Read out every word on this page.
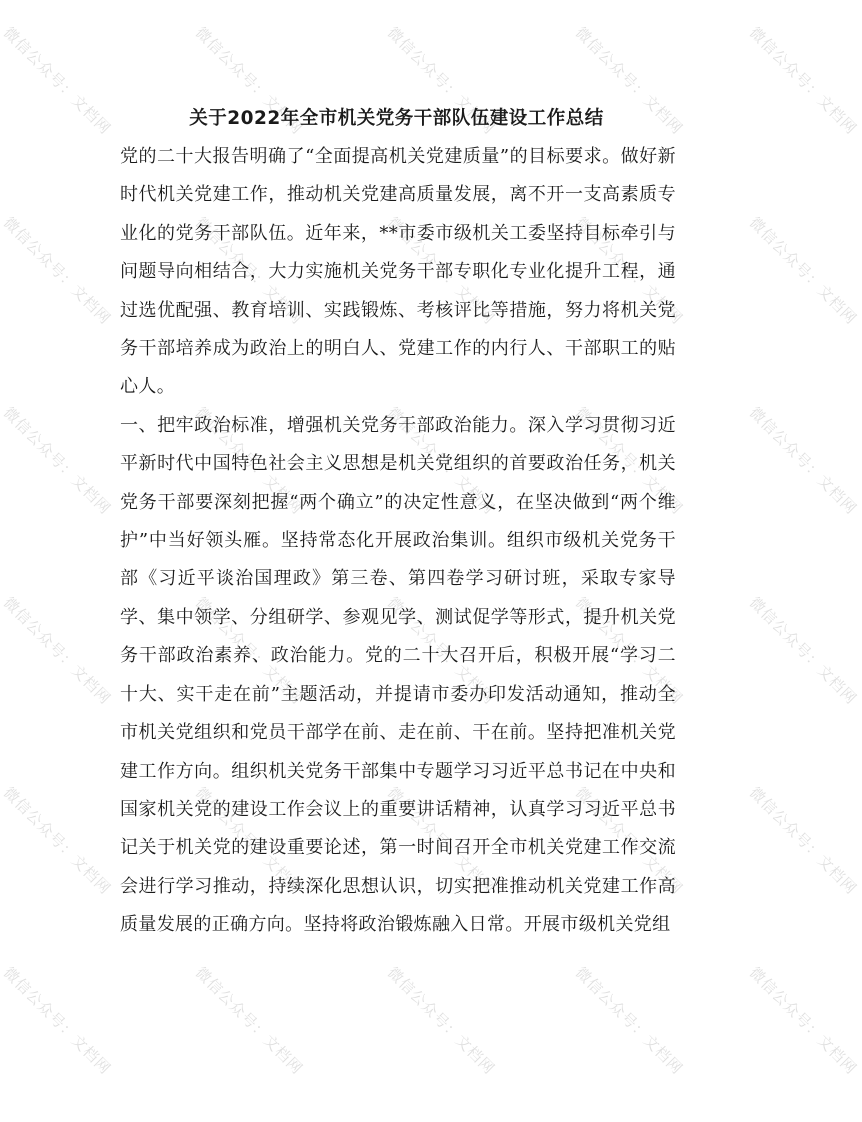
微信公众号：文档网	微信公众号：文档网	微信公众号：文档网	微信公众号：文档网	微信公众号：文档网
微信公众号：文档网	微信公众号：文档网	微信公众号：文档网	微信公众号：文档网	微信公众号：文档网
微信公众号：文档网	微信公众号：文档网	微信公众号：文档网	微信公众号：文档网	微信公众号：文档网
微信公众号：文档网	微信公众号：文档网	微信公众号：文档网	微信公众号：文档网	微信公众号：文档网
微信公众号：文档网	微信公众号：文档网	微信公众号：文档网	微信公众号：文档网	微信公众号：文档网
微信公众号：文档网	微信公众号：文档网	微信公众号：文档网	微信公众号：文档网	微信公众号：文档网
关于2022年全市机关党务干部队伍建设工作总结

党的二十大报告明确了“全面提高机关党建质量”的目标要求。做好新时代机关党建工作，推动机关党建高质量发展，离不开一支高素质专业化的党务干部队伍。近年来，**市委市级机关工委坚持目标牵引与问题导向相结合，大力实施机关党务干部专职化专业化提升工程，通过选优配强、教育培训、实践锻炼、考核评比等措施，努力将机关党务干部培养成为政治上的明白人、党建工作的内行人、干部职工的贴心人。

一、把牢政治标准，增强机关党务干部政治能力。深入学习贯彻习近平新时代中国特色社会主义思想是机关党组织的首要政治任务，机关党务干部要深刻把握“两个确立”的决定性意义，在坚决做到“两个维护”中当好领头雁。坚持常态化开展政治集训。组织市级机关党务干部《习近平谈治国理政》第三卷、第四卷学习研讨班，采取专家导学、集中领学、分组研学、参观见学、测试促学等形式，提升机关党务干部政治素养、政治能力。党的二十大召开后，积极开展“学习二十大、实干走在前”主题活动，并提请市委办印发活动通知，推动全市机关党组织和党员干部学在前、走在前、干在前。坚持把准机关党建工作方向。组织机关党务干部集中专题学习习近平总书记在中央和国家机关党的建设工作会议上的重要讲话精神，认真学习习近平总书记关于机关党的建设重要论述，第一时间召开全市机关党建工作交流会进行学习推动，持续深化思想认识，切实把准推动机关党建工作高质量发展的正确方向。坚持将政治锻炼融入日常。开展市级机关党组
